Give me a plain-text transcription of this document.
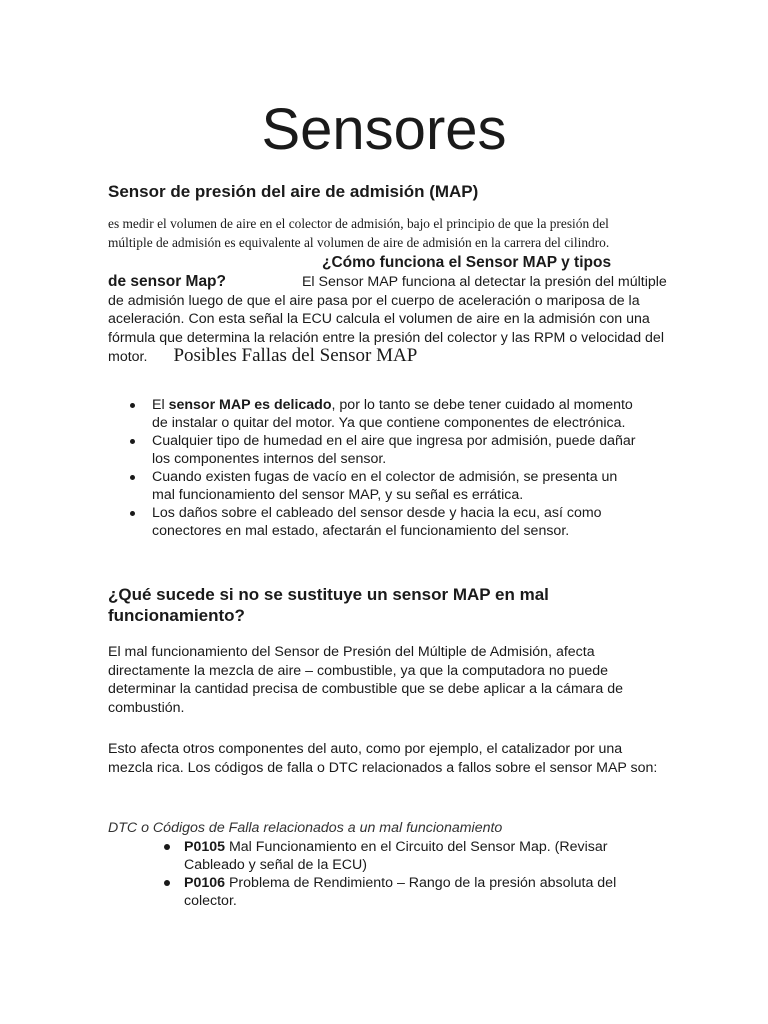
Sensores
Sensor de presión del aire de admisión (MAP)
es medir el volumen de aire en el colector de admisión, bajo el principio de que la presión del múltiple de admisión es equivalente al volumen de aire de admisión en la carrera del cilindro.
¿Cómo funciona el Sensor MAP y tipos
de sensor Map?	El Sensor MAP funciona al detectar la presión del múltiple de admisión luego de que el aire pasa por el cuerpo de aceleración o mariposa de la aceleración. Con esta señal la ECU calcula el volumen de aire en la admisión con una fórmula que determina la relación entre la presión del colector y las RPM o velocidad del motor. Posibles Fallas del Sensor MAP
El sensor MAP es delicado, por lo tanto se debe tener cuidado al momento de instalar o quitar del motor. Ya que contiene componentes de electrónica.
Cualquier tipo de humedad en el aire que ingresa por admisión, puede dañar los componentes internos del sensor.
Cuando existen fugas de vacío en el colector de admisión, se presenta un mal funcionamiento del sensor MAP, y su señal es errática.
Los daños sobre el cableado del sensor desde y hacia la ecu, así como conectores en mal estado, afectarán el funcionamiento del sensor.
¿Qué sucede si no se sustituye un sensor MAP en mal funcionamiento?
El mal funcionamiento del Sensor de Presión del Múltiple de Admisión, afecta directamente la mezcla de aire – combustible, ya que la computadora no puede determinar la cantidad precisa de combustible que se debe aplicar a la cámara de combustión.
Esto afecta otros componentes del auto, como por ejemplo, el catalizador por una mezcla rica. Los códigos de falla o DTC relacionados a fallos sobre el sensor MAP son:
DTC o Códigos de Falla relacionados a un mal funcionamiento
P0105 Mal Funcionamiento en el Circuito del Sensor Map. (Revisar Cableado y señal de la ECU)
P0106 Problema de Rendimiento – Rango de la presión absoluta del colector.
